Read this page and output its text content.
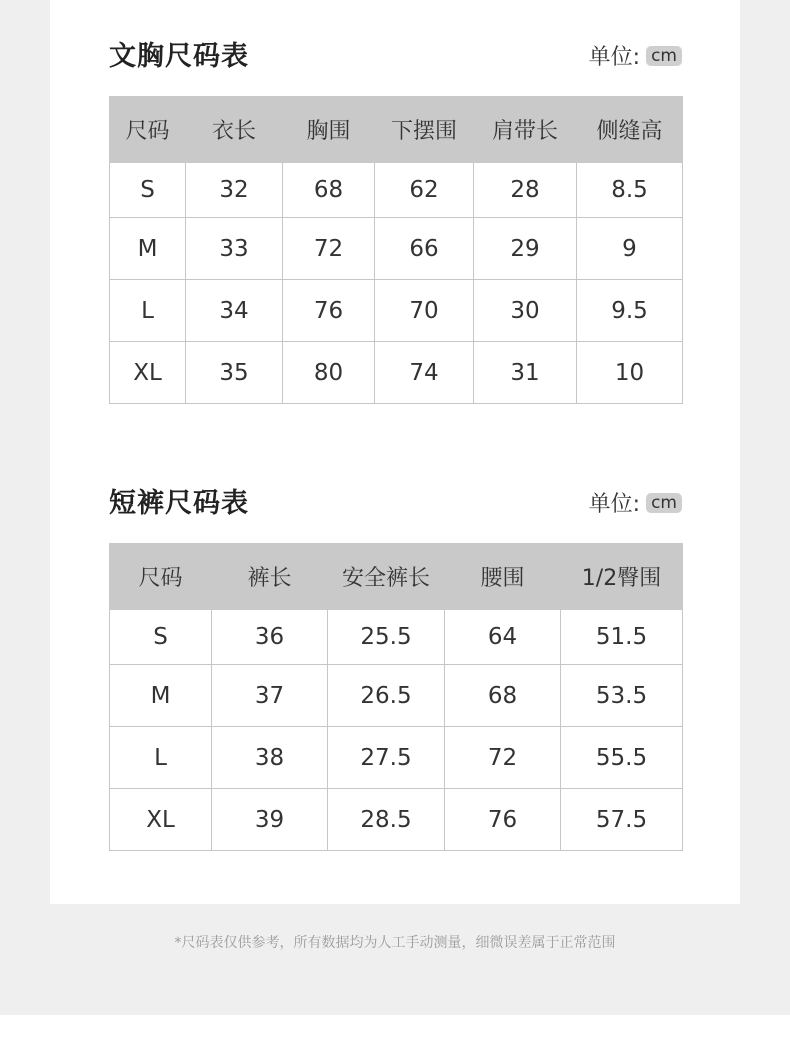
文胸尺码表	单位: cm
尺码	衣长	胸围	下摆围	肩带长	侧缝高
S	32	68	62	28	8.5
M	33	72	66	29	9
L	34	76	70	30	9.5
XL	35	80	74	31	10
短裤尺码表	单位: cm
尺码	裤长	安全裤长	腰围	1/2臀围
S	36	25.5	64	51.5
M	37	26.5	68	53.5
L	38	27.5	72	55.5
XL	39	28.5	76	57.5
*尺码表仅供参考，所有数据均为人工手动测量，细微误差属于正常范围
